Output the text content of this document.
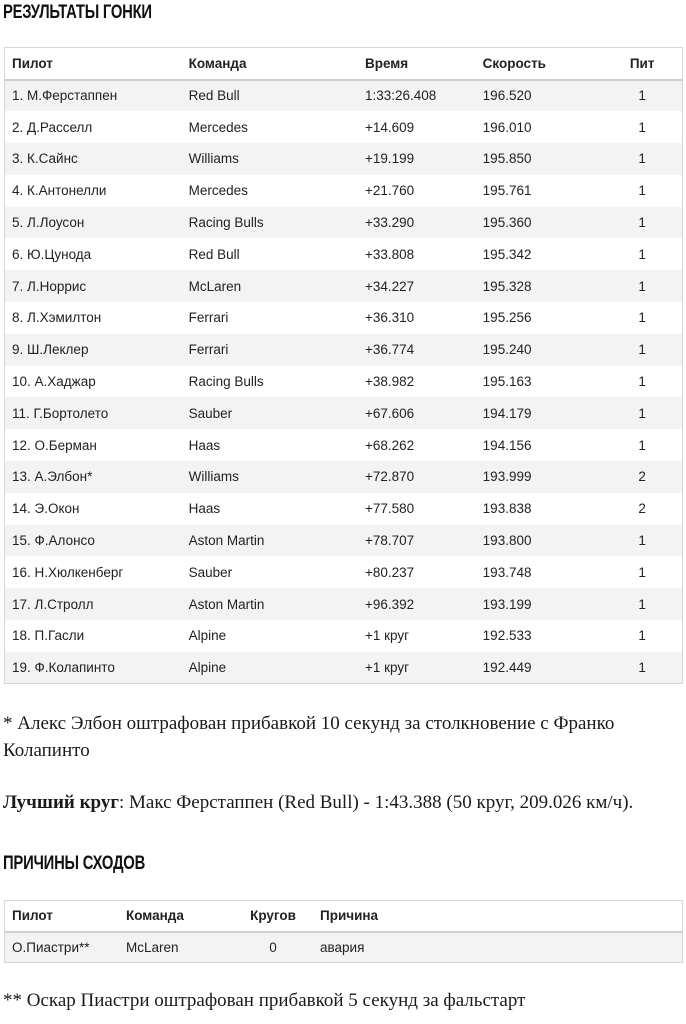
РЕЗУЛЬТАТЫ ГОНКИ
Пилот	Команда	Время	Скорость	Пит
1. М.Ферстаппен	Red Bull	1:33:26.408	196.520	1
2. Д.Расселл	Mercedes	+14.609	196.010	1
3. К.Сайнс	Williams	+19.199	195.850	1
4. К.Антонелли	Mercedes	+21.760	195.761	1
5. Л.Лоусон	Racing Bulls	+33.290	195.360	1
6. Ю.Цунода	Red Bull	+33.808	195.342	1
7. Л.Норрис	McLaren	+34.227	195.328	1
8. Л.Хэмилтон	Ferrari	+36.310	195.256	1
9. Ш.Леклер	Ferrari	+36.774	195.240	1
10. А.Хаджар	Racing Bulls	+38.982	195.163	1
11. Г.Бортолето	Sauber	+67.606	194.179	1
12. О.Берман	Haas	+68.262	194.156	1
13. А.Элбон*	Williams	+72.870	193.999	2
14. Э.Окон	Haas	+77.580	193.838	2
15. Ф.Алонсо	Aston Martin	+78.707	193.800	1
16. Н.Хюлкенберг	Sauber	+80.237	193.748	1
17. Л.Стролл	Aston Martin	+96.392	193.199	1
18. П.Гасли	Alpine	+1 круг	192.533	1
19. Ф.Колапинто	Alpine	+1 круг	192.449	1

* Алекс Элбон оштрафован прибавкой 10 секунд за столкновение с Франко Колапинто

Лучший круг: Макс Ферстаппен (Red Bull) - 1:43.388 (50 круг, 209.026 км/ч).

ПРИЧИНЫ СХОДОВ
Пилот	Команда	Кругов	Причина
О.Пиастри**	McLaren	0	авария

** Оскар Пиастри оштрафован прибавкой 5 секунд за фальстарт
